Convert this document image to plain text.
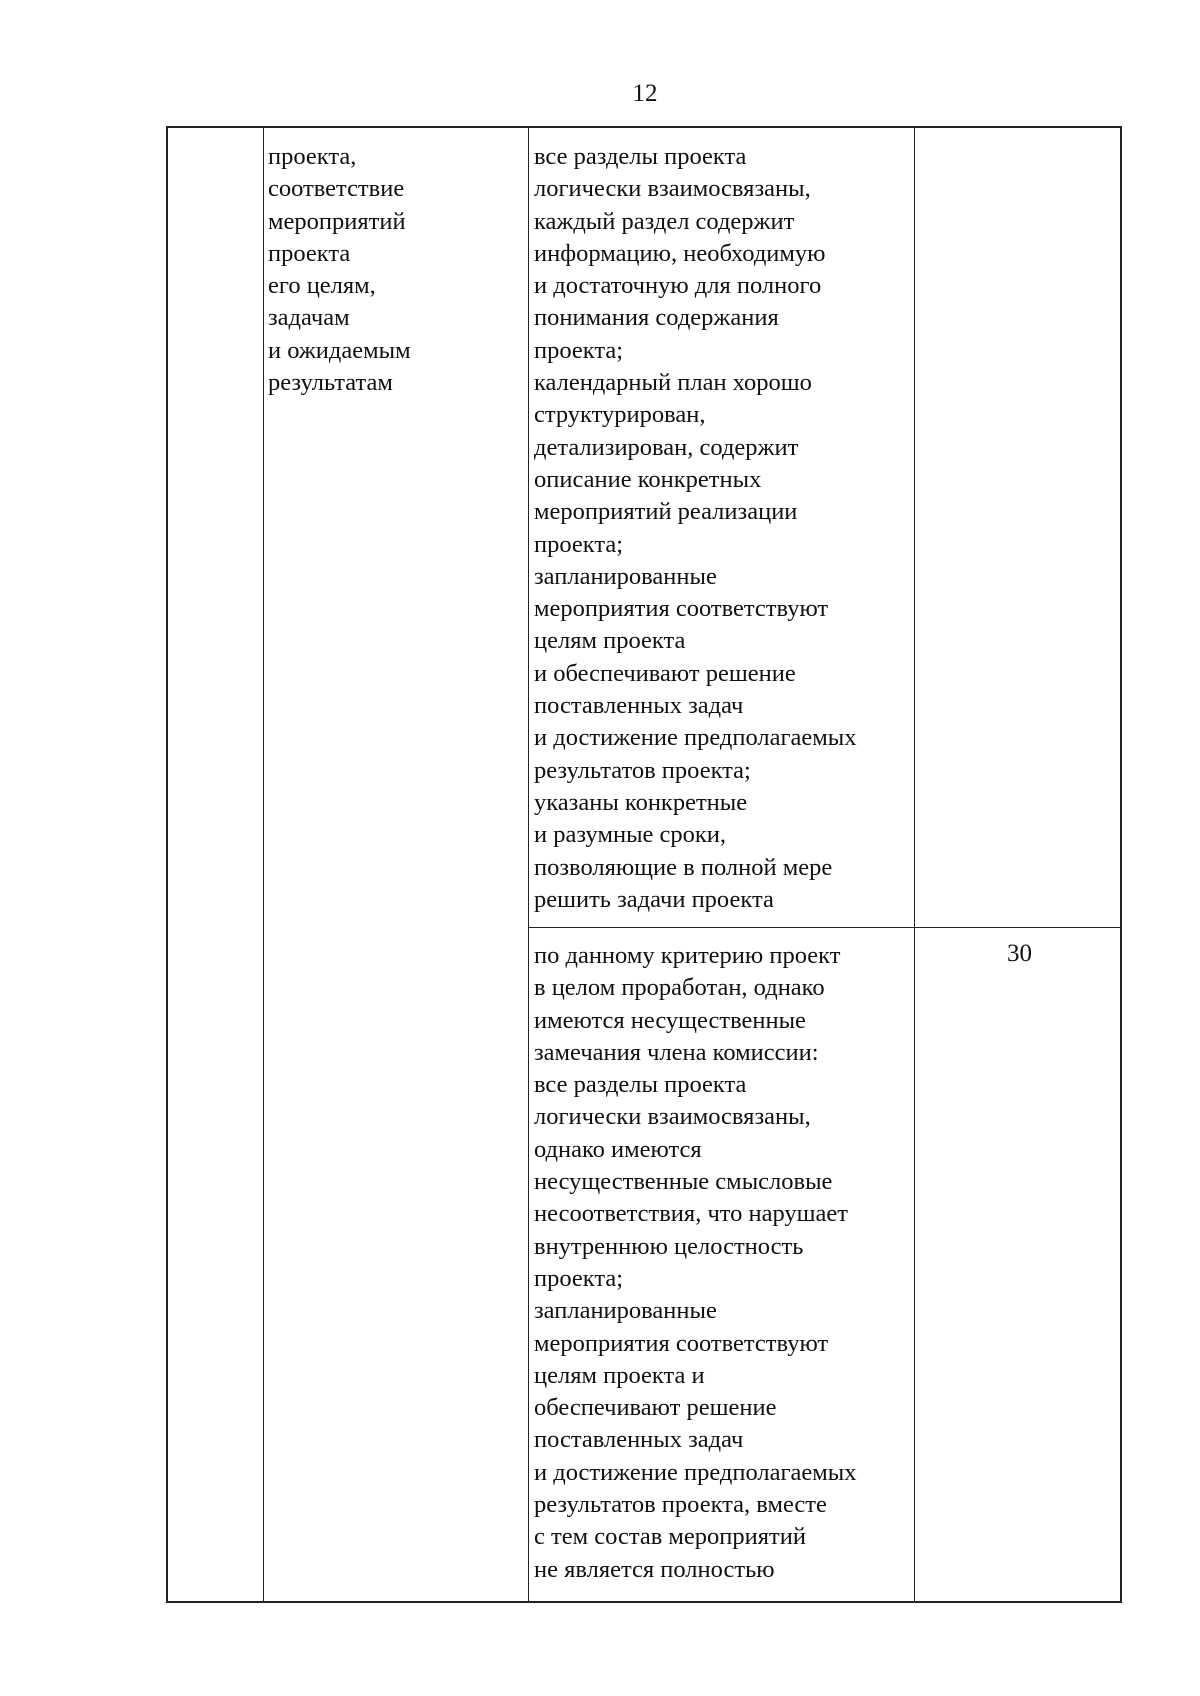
12

проекта,
соответствие
мероприятий
проекта
его целям,
задачам
и ожидаемым
результатам

все разделы проекта
логически взаимосвязаны,
каждый раздел содержит
информацию, необходимую
и достаточную для полного
понимания содержания
проекта;
календарный план хорошо
структурирован,
детализирован, содержит
описание конкретных
мероприятий реализации
проекта;
запланированные
мероприятия соответствуют
целям проекта
и обеспечивают решение
поставленных задач
и достижение предполагаемых
результатов проекта;
указаны конкретные
и разумные сроки,
позволяющие в полной мере
решить задачи проекта

по данному критерию проект
в целом проработан, однако
имеются несущественные
замечания члена комиссии:
все разделы проекта
логически взаимосвязаны,
однако имеются
несущественные смысловые
несоответствия, что нарушает
внутреннюю целостность
проекта;
запланированные
мероприятия соответствуют
целям проекта и
обеспечивают решение
поставленных задач
и достижение предполагаемых
результатов проекта, вместе
с тем состав мероприятий
не является полностью

30
